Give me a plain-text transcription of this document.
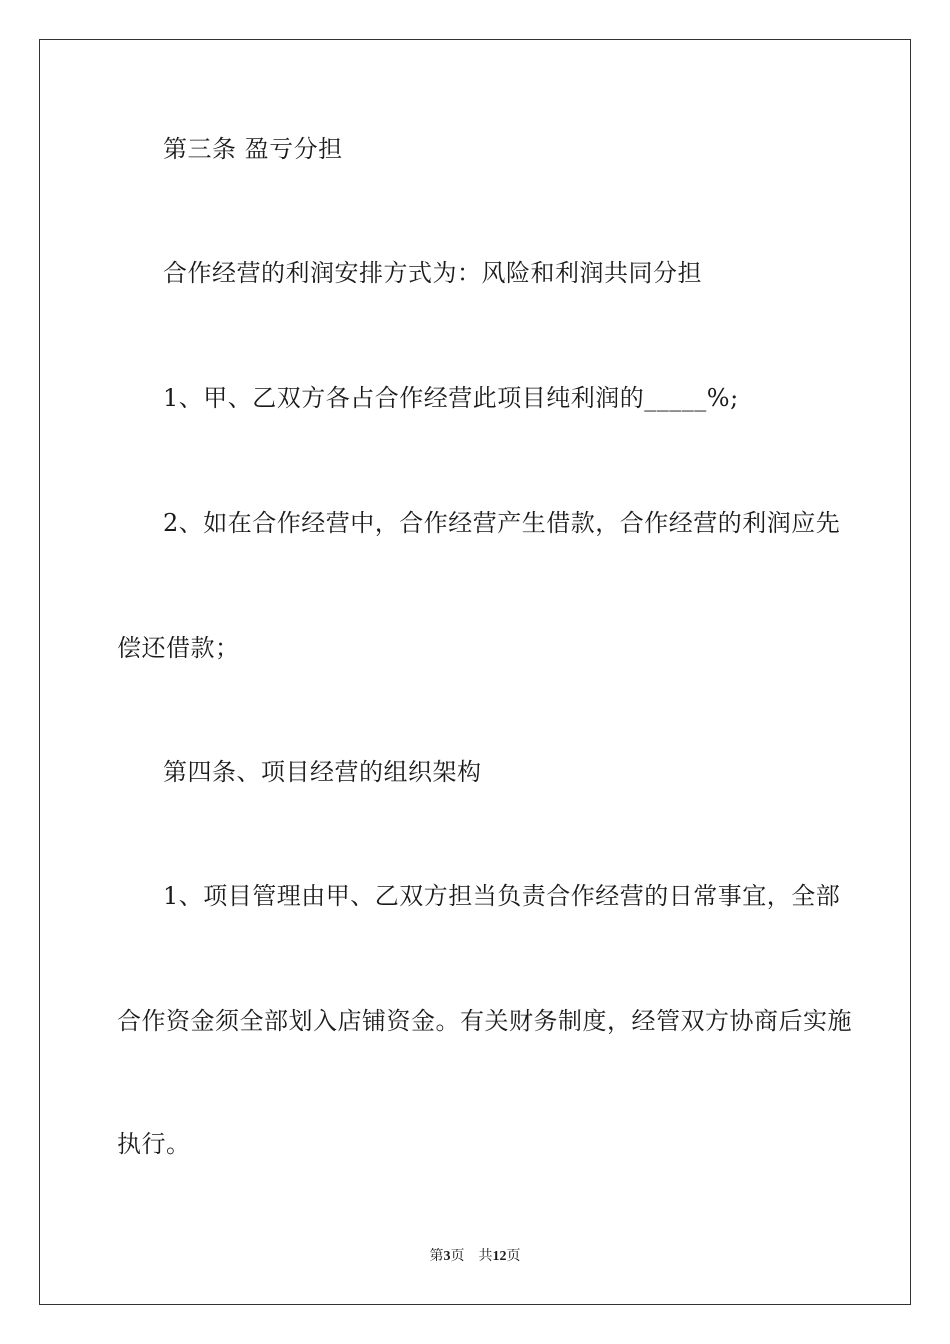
第三条 盈亏分担
合作经营的利润安排方式为：风险和利润共同分担
1、甲、乙双方各占合作经营此项目纯利润的_____%;
2、如在合作经营中，合作经营产生借款，合作经营的利润应先
偿还借款；
第四条、项目经营的组织架构
1、项目管理由甲、乙双方担当负责合作经营的日常事宜，全部
合作资金须全部划入店铺资金。有关财务制度，经管双方协商后实施
执行。
第3页 共12页
